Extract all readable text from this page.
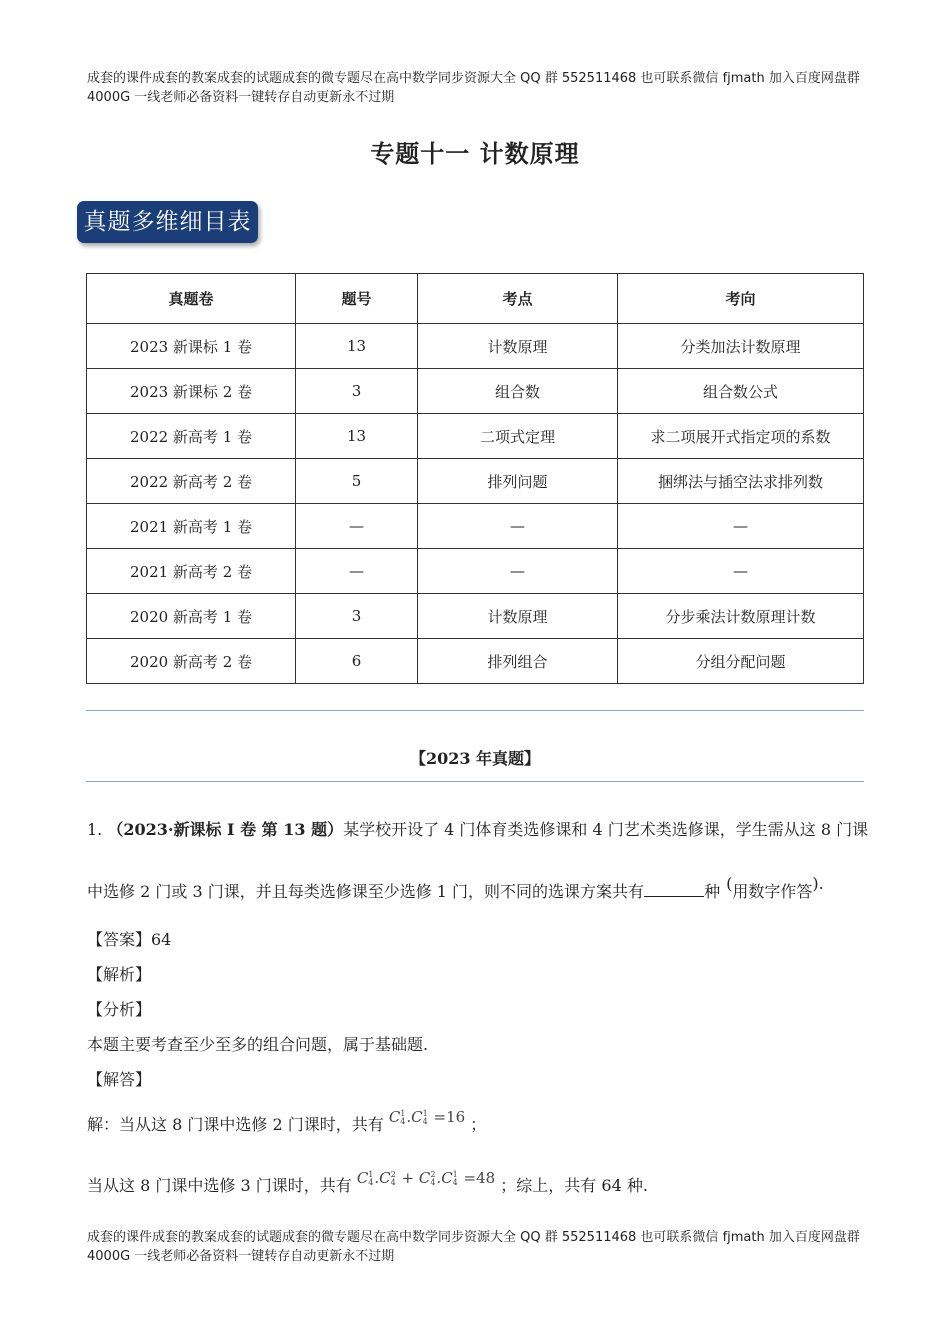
成套的课件成套的教案成套的试题成套的微专题尽在高中数学同步资源大全 QQ 群 552511468 也可联系微信 fjmath 加入百度网盘群 4000G 一线老师必备资料一键转存自动更新永不过期
专题十一 计数原理
真题多维细目表
真题卷	题号	考点	考向
2023 新课标 1 卷	13	计数原理	分类加法计数原理
2023 新课标 2 卷	3	组合数	组合数公式
2022 新高考 1 卷	13	二项式定理	求二项展开式指定项的系数
2022 新高考 2 卷	5	排列问题	捆绑法与插空法求排列数
2021 新高考 1 卷	—	—	—
2021 新高考 2 卷	—	—	—
2020 新高考 1 卷	3	计数原理	分步乘法计数原理计数
2020 新高考 2 卷	6	排列组合	分组分配问题
【2023 年真题】
1. （2023·新课标 I 卷 第 13 题）某学校开设了 4 门体育类选修课和 4 门艺术类选修课，学生需从这 8 门课
中选修 2 门或 3 门课，并且每类选修课至少选修 1 门，则不同的选课方案共有	种 (用数字作答).
【答案】64
【解析】
【分析】
本题主要考查至少至多的组合问题，属于基础题.
【解答】
解：当从这 8 门课中选修 2 门课时，共有 C 1
4 .C 1
4 =16 ；
当从这 8 门课中选修 3 门课时，共有 C 1
4 .C 2
4 + C 2
4 .C 1
4 =48 ；综上，共有 64 种.
成套的课件成套的教案成套的试题成套的微专题尽在高中数学同步资源大全 QQ 群 552511468 也可联系微信 fjmath 加入百度网盘群 4000G 一线老师必备资料一键转存自动更新永不过期
